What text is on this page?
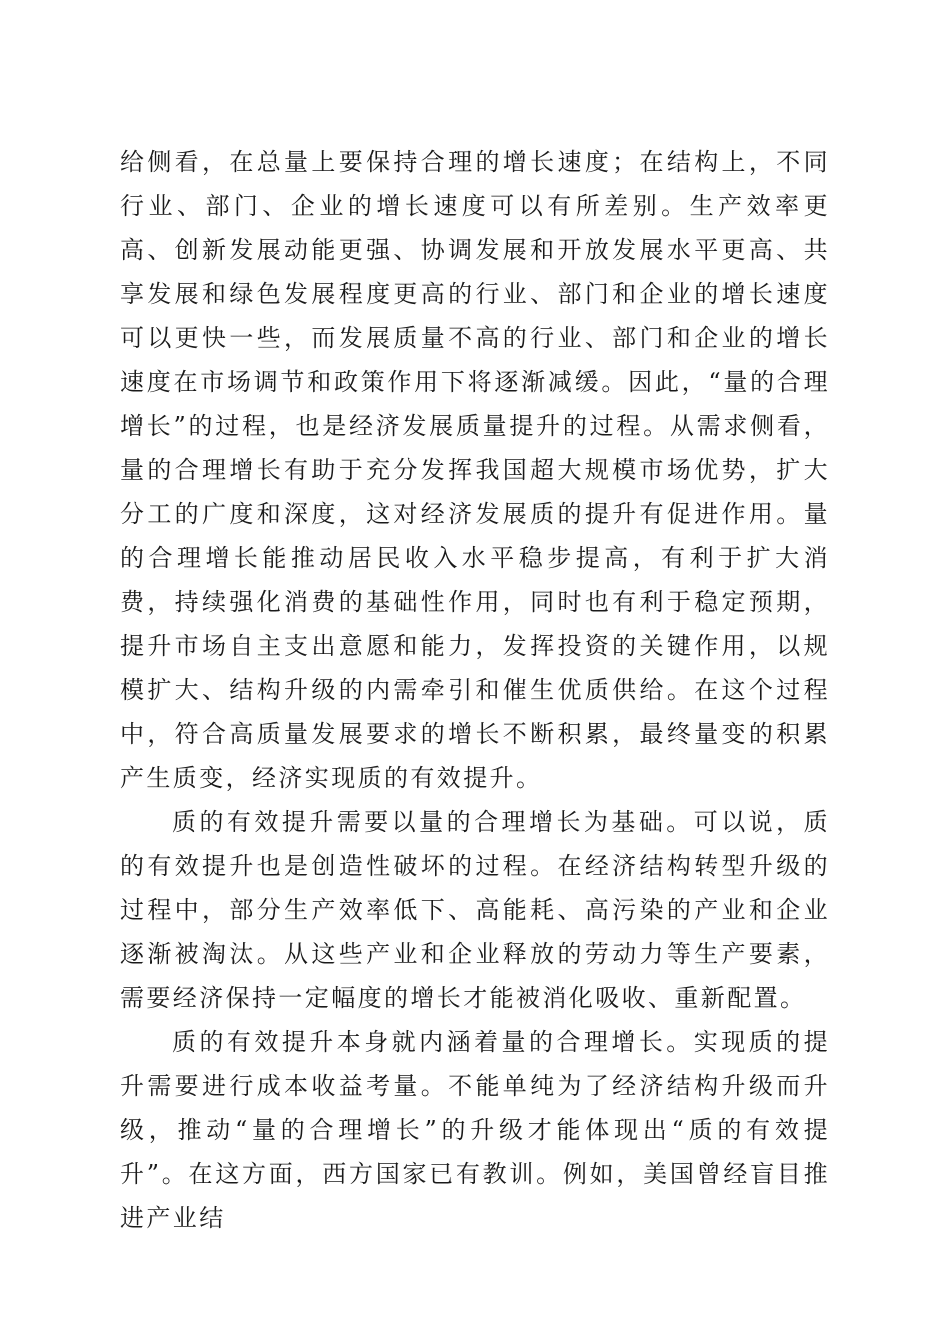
给侧看，在总量上要保持合理的增长速度；在结构上，不同行业、部门、企业的增长速度可以有所差别。生产效率更高、创新发展动能更强、协调发展和开放发展水平更高、共享发展和绿色发展程度更高的行业、部门和企业的增长速度可以更快一些，而发展质量不高的行业、部门和企业的增长速度在市场调节和政策作用下将逐渐减缓。因此，“量的合理增长”的过程，也是经济发展质量提升的过程。从需求侧看，量的合理增长有助于充分发挥我国超大规模市场优势，扩大分工的广度和深度，这对经济发展质的提升有促进作用。量的合理增长能推动居民收入水平稳步提高，有利于扩大消费，持续强化消费的基础性作用，同时也有利于稳定预期，提升市场自主支出意愿和能力，发挥投资的关键作用，以规模扩大、结构升级的内需牵引和催生优质供给。在这个过程中，符合高质量发展要求的增长不断积累，最终量变的积累产生质变，经济实现质的有效提升。

质的有效提升需要以量的合理增长为基础。可以说，质的有效提升也是创造性破坏的过程。在经济结构转型升级的过程中，部分生产效率低下、高能耗、高污染的产业和企业逐渐被淘汰。从这些产业和企业释放的劳动力等生产要素，需要经济保持一定幅度的增长才能被消化吸收、重新配置。

质的有效提升本身就内涵着量的合理增长。实现质的提升需要进行成本收益考量。不能单纯为了经济结构升级而升级，推动“量的合理增长”的升级才能体现出“质的有效提升”。在这方面，西方国家已有教训。例如，美国曾经盲目推进产业结
